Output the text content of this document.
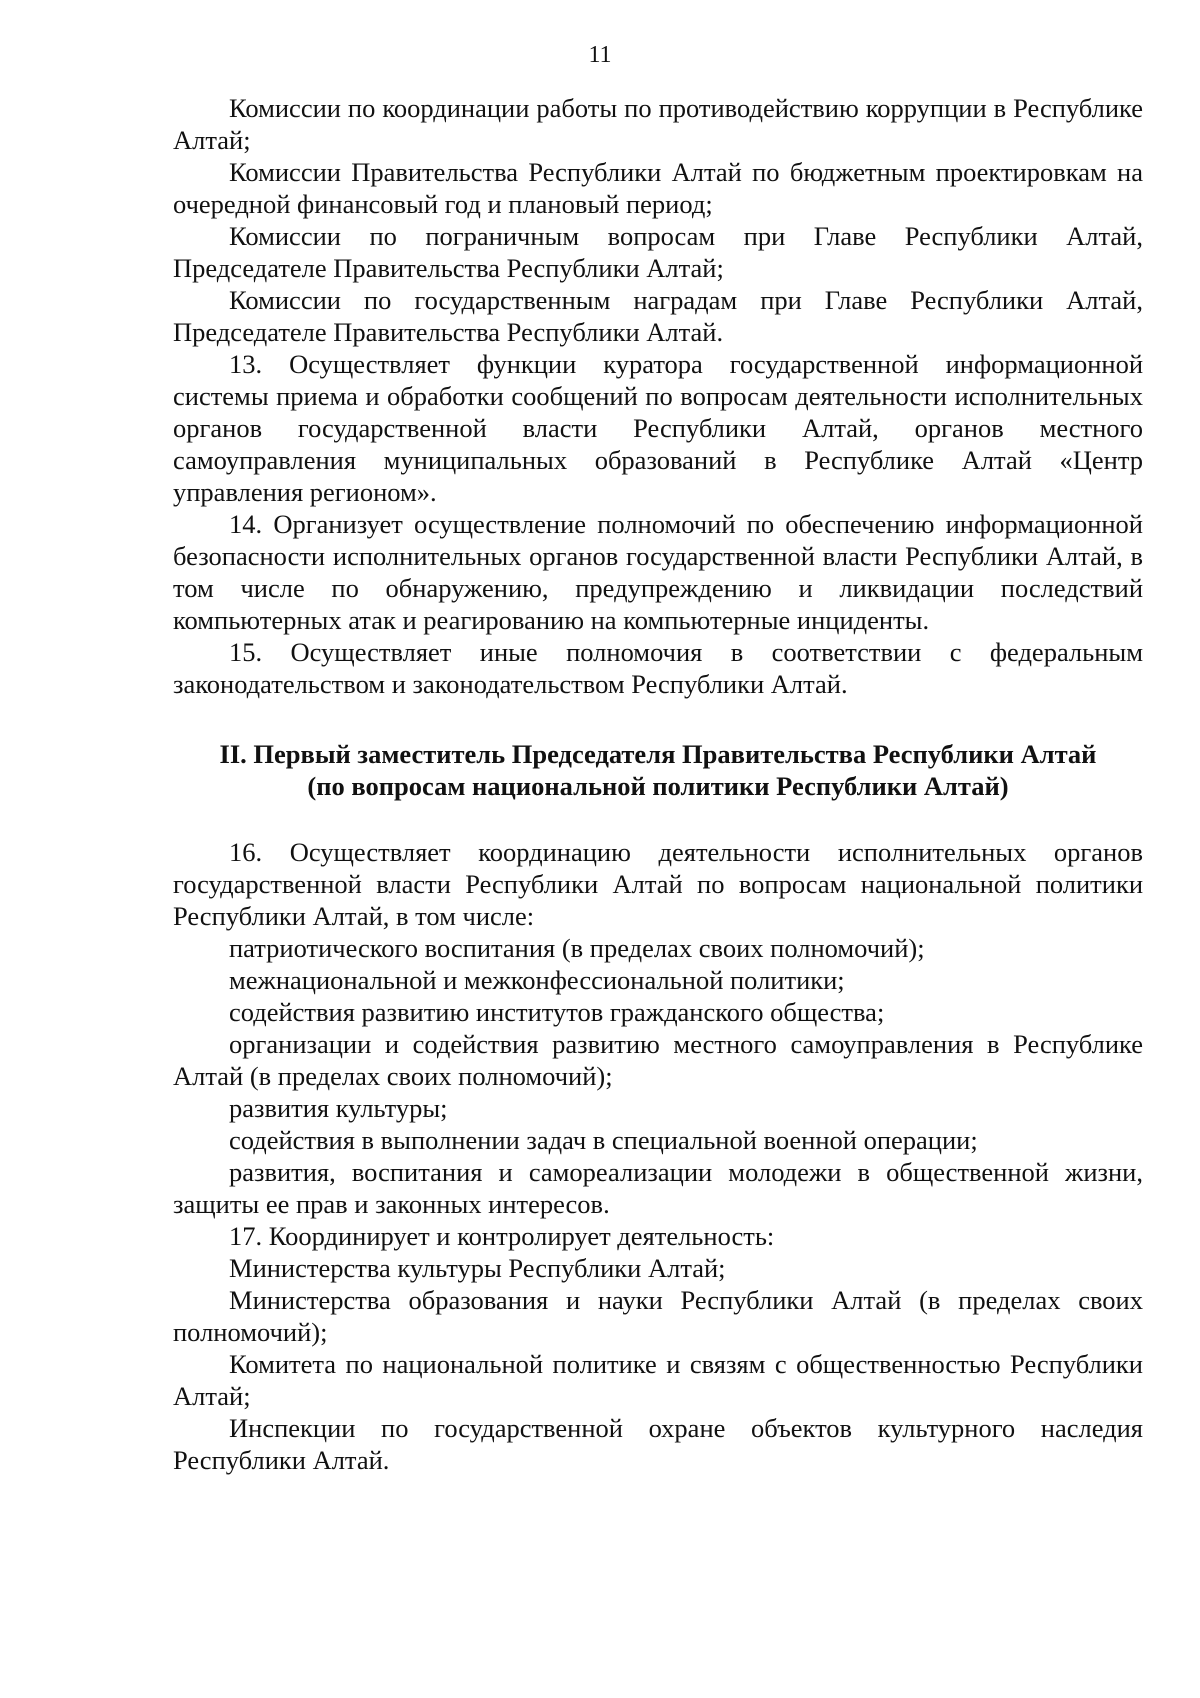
11

Комиссии по координации работы по противодействию коррупции в Республике Алтай;

Комиссии Правительства Республики Алтай по бюджетным проектировкам на очередной финансовый год и плановый период;

Комиссии по пограничным вопросам при Главе Республики Алтай, Председателе Правительства Республики Алтай;

Комиссии по государственным наградам при Главе Республики Алтай, Председателе Правительства Республики Алтай.

13. Осуществляет функции куратора государственной информационной системы приема и обработки сообщений по вопросам деятельности исполнительных органов государственной власти Республики Алтай, органов местного самоуправления муниципальных образований в Республике Алтай «Центр управления регионом».

14. Организует осуществление полномочий по обеспечению информационной безопасности исполнительных органов государственной власти Республики Алтай, в том числе по обнаружению, предупреждению и ликвидации последствий компьютерных атак и реагированию на компьютерные инциденты.

15. Осуществляет иные полномочия в соответствии с федеральным законодательством и законодательством Республики Алтай.

II. Первый заместитель Председателя Правительства Республики Алтай
(по вопросам национальной политики Республики Алтай)

16. Осуществляет координацию деятельности исполнительных органов государственной власти Республики Алтай по вопросам национальной политики Республики Алтай, в том числе:

патриотического воспитания (в пределах своих полномочий);

межнациональной и межконфессиональной политики;

содействия развитию институтов гражданского общества;

организации и содействия развитию местного самоуправления в Республике Алтай (в пределах своих полномочий);

развития культуры;

содействия в выполнении задач в специальной военной операции;

развития, воспитания и самореализации молодежи в общественной жизни, защиты ее прав и законных интересов.

17. Координирует и контролирует деятельность:

Министерства культуры Республики Алтай;

Министерства образования и науки Республики Алтай (в пределах своих полномочий);

Комитета по национальной политике и связям с общественностью Республики Алтай;

Инспекции по государственной охране объектов культурного наследия Республики Алтай.
